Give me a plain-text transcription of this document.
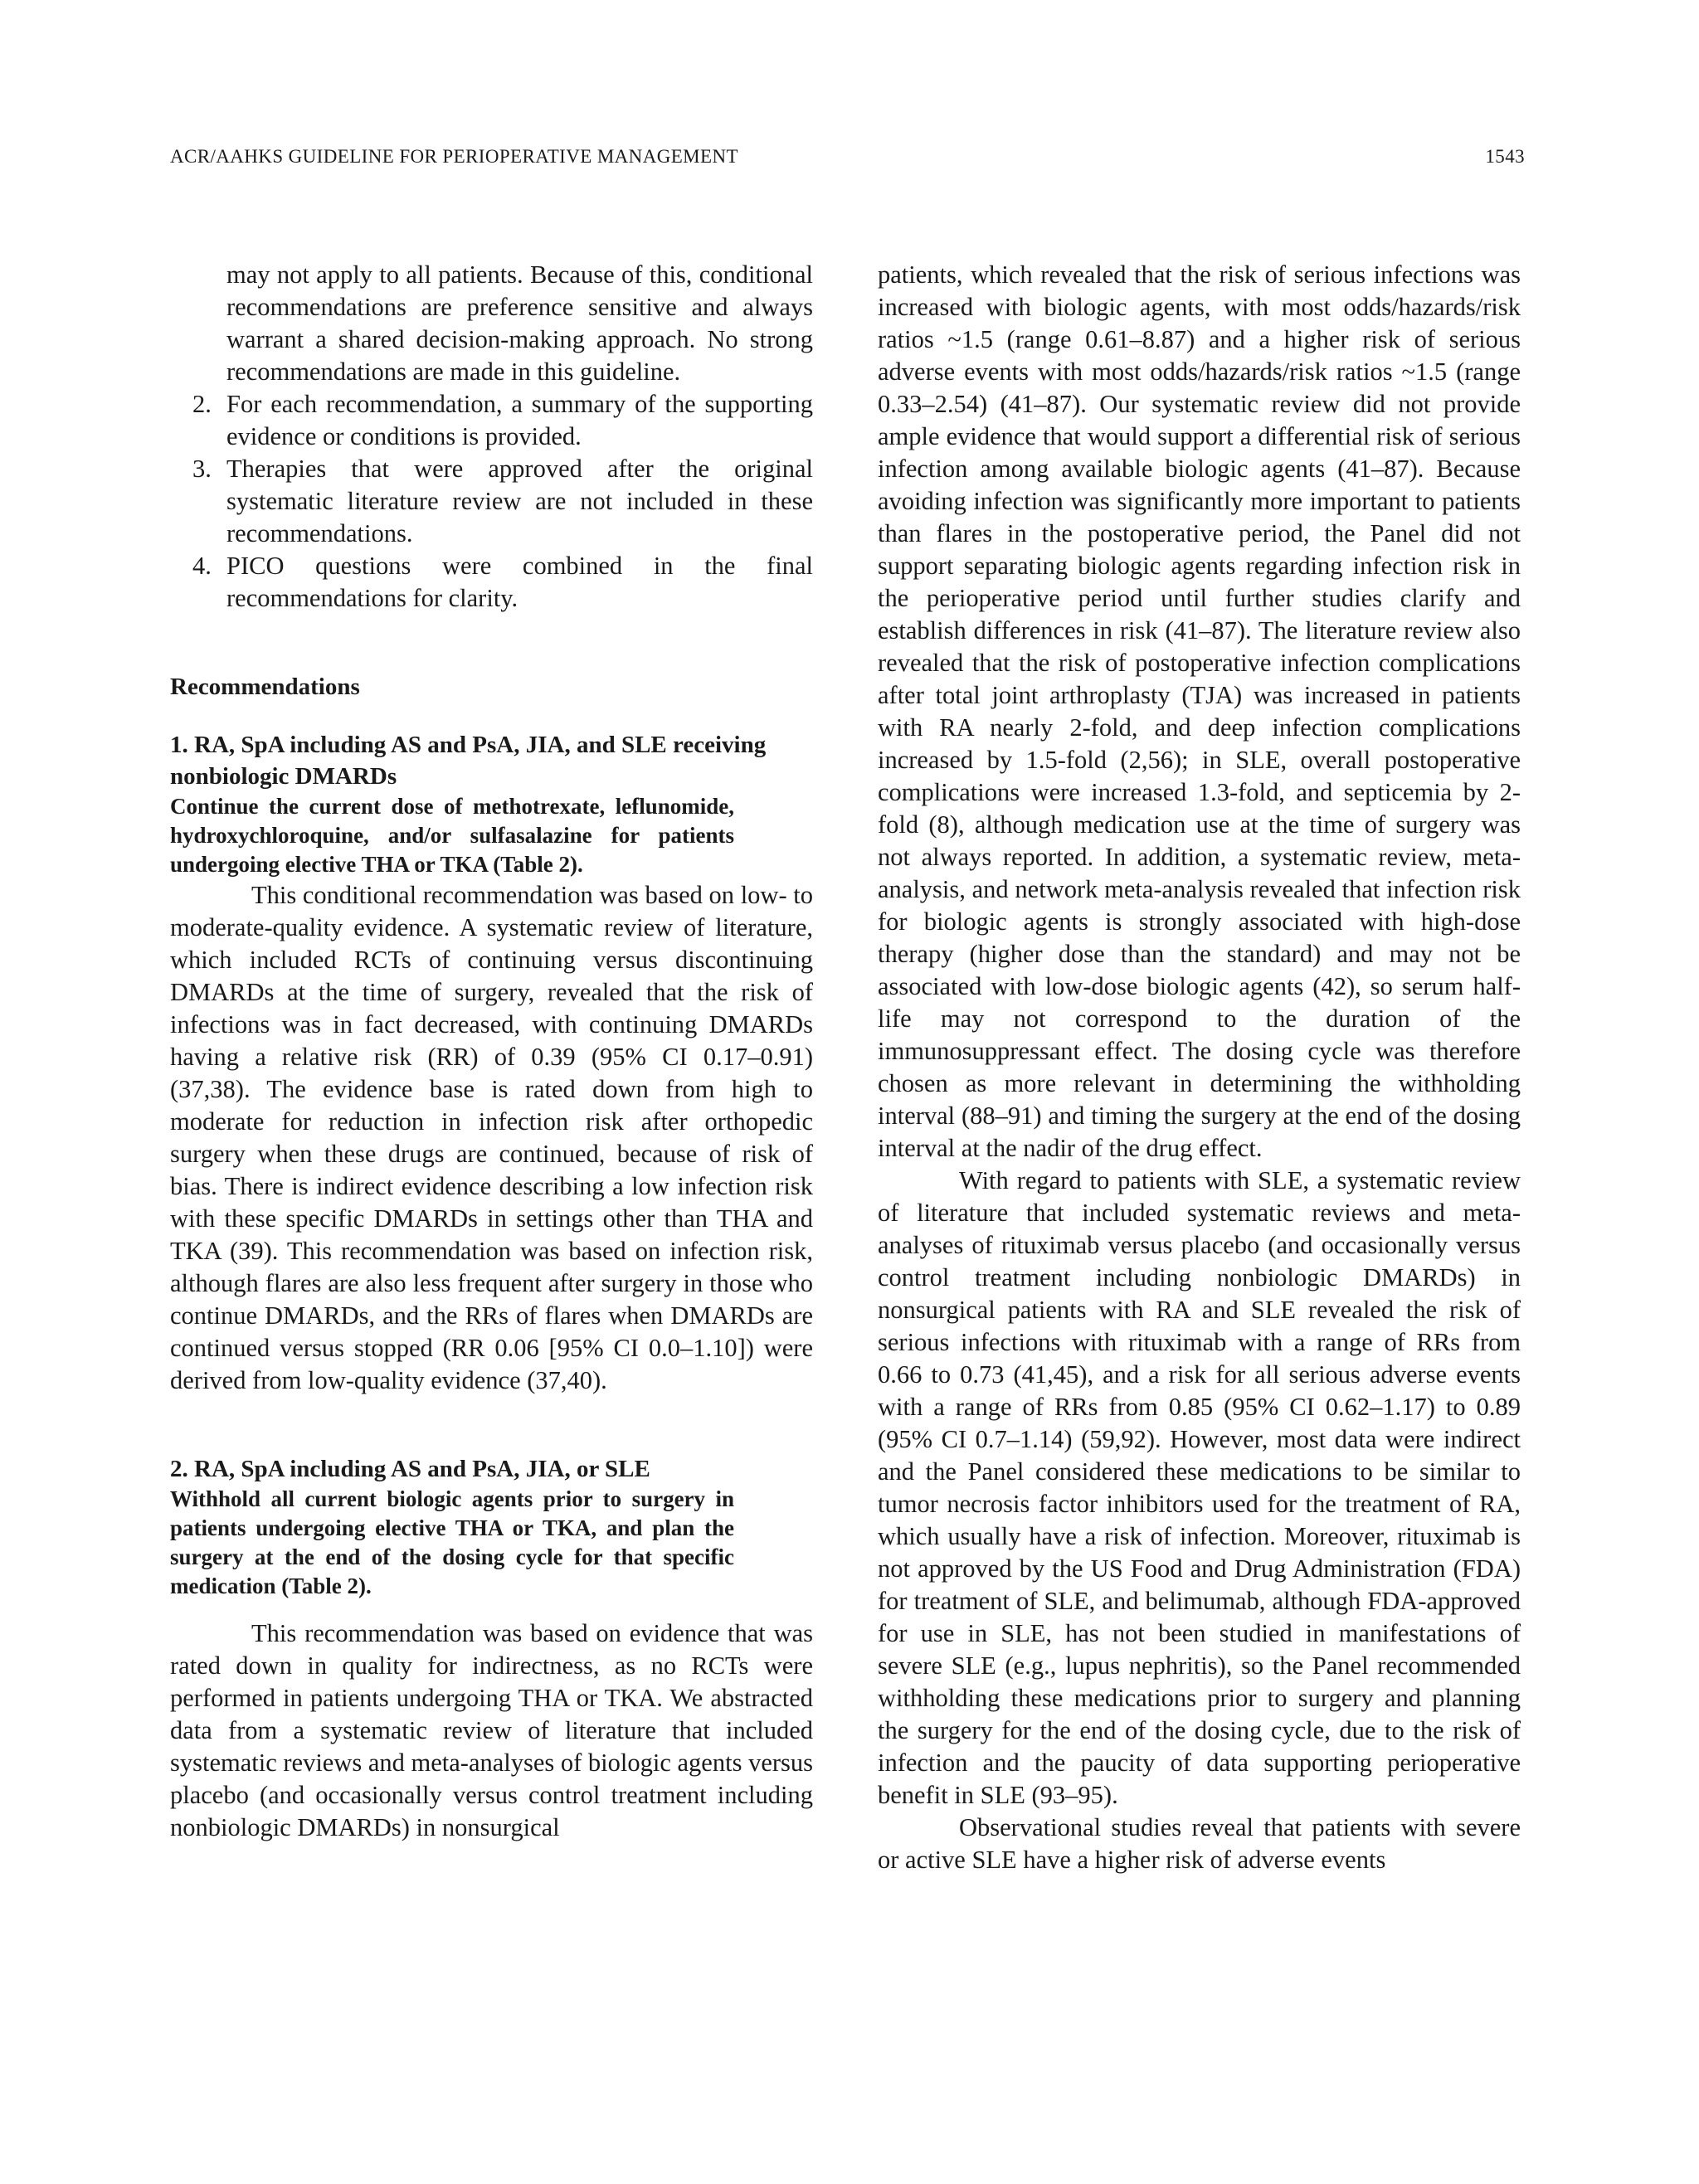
ACR/AAHKS GUIDELINE FOR PERIOPERATIVE MANAGEMENT	1543

may not apply to all patients. Because of this, conditional recommendations are preference sensitive and always warrant a shared decision-making approach. No strong recommendations are made in this guideline.

2. For each recommendation, a summary of the supporting evidence or conditions is provided.
3. Therapies that were approved after the original systematic literature review are not included in these recommendations.
4. PICO questions were combined in the final recommendations for clarity.
Recommendations
1. RA, SpA including AS and PsA, JIA, and SLE receiving nonbiologic DMARDs

Continue the current dose of methotrexate, leflunomide, hydroxychloroquine, and/or sulfasalazine for patients undergoing elective THA or TKA (Table 2).

This conditional recommendation was based on low- to moderate-quality evidence. A systematic review of literature, which included RCTs of continuing versus discontinuing DMARDs at the time of surgery, revealed that the risk of infections was in fact decreased, with continuing DMARDs having a relative risk (RR) of 0.39 (95% CI 0.17–0.91) (37,38). The evidence base is rated down from high to moderate for reduction in infection risk after orthopedic surgery when these drugs are continued, because of risk of bias. There is indirect evidence describing a low infection risk with these specific DMARDs in settings other than THA and TKA (39). This recommendation was based on infection risk, although flares are also less frequent after surgery in those who continue DMARDs, and the RRs of flares when DMARDs are continued versus stopped (RR 0.06 [95% CI 0.0–1.10]) were derived from low-quality evidence (37,40).

2. RA, SpA including AS and PsA, JIA, or SLE

Withhold all current biologic agents prior to surgery in patients undergoing elective THA or TKA, and plan the surgery at the end of the dosing cycle for that specific medication (Table 2).

This recommendation was based on evidence that was rated down in quality for indirectness, as no RCTs were performed in patients undergoing THA or TKA. We abstracted data from a systematic review of literature that included systematic reviews and meta-analyses of biologic agents versus placebo (and occasionally versus control treatment including nonbiologic DMARDs) in nonsurgical

patients, which revealed that the risk of serious infections was increased with biologic agents, with most odds/hazards/risk ratios ~1.5 (range 0.61–8.87) and a higher risk of serious adverse events with most odds/hazards/risk ratios ~1.5 (range 0.33–2.54) (41–87). Our systematic review did not provide ample evidence that would support a differential risk of serious infection among available biologic agents (41–87). Because avoiding infection was significantly more important to patients than flares in the postoperative period, the Panel did not support separating biologic agents regarding infection risk in the perioperative period until further studies clarify and establish differences in risk (41–87). The literature review also revealed that the risk of postoperative infection complications after total joint arthroplasty (TJA) was increased in patients with RA nearly 2-fold, and deep infection complications increased by 1.5-fold (2,56); in SLE, overall postoperative complications were increased 1.3-fold, and septicemia by 2-fold (8), although medication use at the time of surgery was not always reported. In addition, a systematic review, meta-analysis, and network meta-analysis revealed that infection risk for biologic agents is strongly associated with high-dose therapy (higher dose than the standard) and may not be associated with low-dose biologic agents (42), so serum half-life may not correspond to the duration of the immunosuppressant effect. The dosing cycle was therefore chosen as more relevant in determining the withholding interval (88–91) and timing the surgery at the end of the dosing interval at the nadir of the drug effect.

With regard to patients with SLE, a systematic review of literature that included systematic reviews and meta-analyses of rituximab versus placebo (and occasionally versus control treatment including nonbiologic DMARDs) in nonsurgical patients with RA and SLE revealed the risk of serious infections with rituximab with a range of RRs from 0.66 to 0.73 (41,45), and a risk for all serious adverse events with a range of RRs from 0.85 (95% CI 0.62–1.17) to 0.89 (95% CI 0.7–1.14) (59,92). However, most data were indirect and the Panel considered these medications to be similar to tumor necrosis factor inhibitors used for the treatment of RA, which usually have a risk of infection. Moreover, rituximab is not approved by the US Food and Drug Administration (FDA) for treatment of SLE, and belimumab, although FDA-approved for use in SLE, has not been studied in manifestations of severe SLE (e.g., lupus nephritis), so the Panel recommended withholding these medications prior to surgery and planning the surgery for the end of the dosing cycle, due to the risk of infection and the paucity of data supporting perioperative benefit in SLE (93–95).

Observational studies reveal that patients with severe or active SLE have a higher risk of adverse events
